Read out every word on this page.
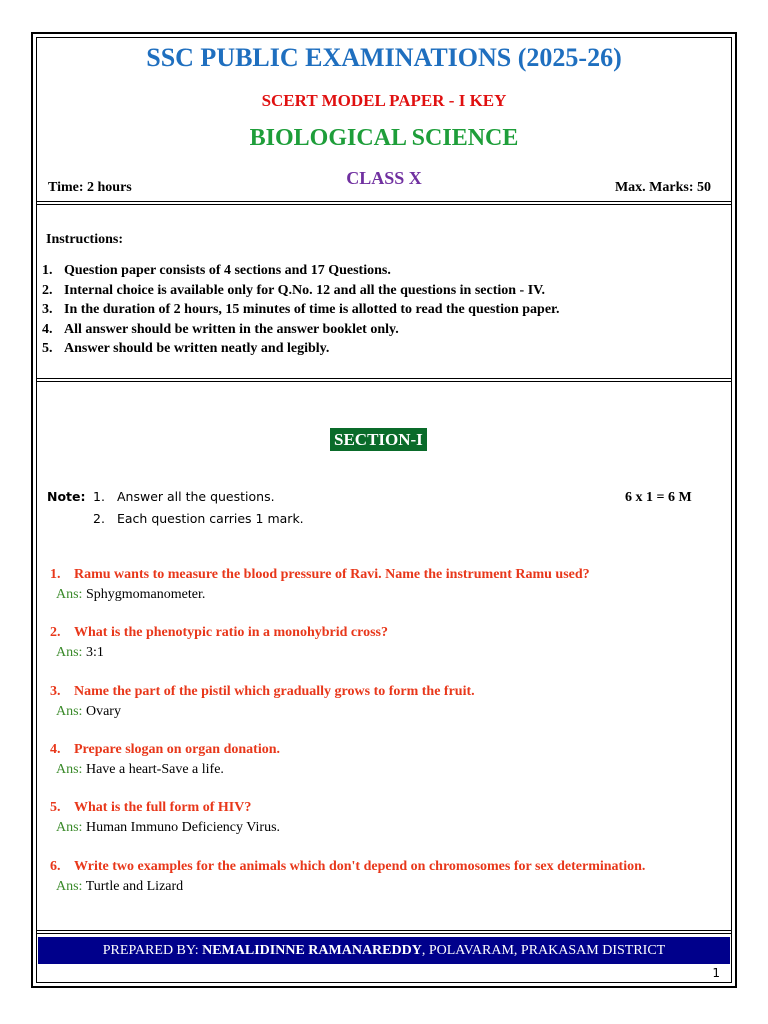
SSC PUBLIC EXAMINATIONS (2025-26)
SCERT MODEL PAPER - I KEY
BIOLOGICAL SCIENCE
CLASS X
Time: 2 hours	Max. Marks: 50
Instructions:
1. Question paper consists of 4 sections and 17 Questions.
2. Internal choice is available only for Q.No. 12 and all the questions in section - IV.
3. In the duration of 2 hours, 15 minutes of time is allotted to read the question paper.
4. All answer should be written in the answer booklet only.
5. Answer should be written neatly and legibly.
SECTION-I
Note: 1. Answer all the questions.
2. Each question carries 1 mark.
6 x 1 = 6 M
1. Ramu wants to measure the blood pressure of Ravi. Name the instrument Ramu used?
Ans: Sphygmomanometer.
2. What is the phenotypic ratio in a monohybrid cross?
Ans: 3:1
3. Name the part of the pistil which gradually grows to form the fruit.
Ans: Ovary
4. Prepare slogan on organ donation.
Ans: Have a heart-Save a life.
5. What is the full form of HIV?
Ans: Human Immuno Deficiency Virus.
6. Write two examples for the animals which don't depend on chromosomes for sex determination.
Ans: Turtle and Lizard
PREPARED BY: NEMALIDINNE RAMANAREDDY, POLAVARAM, PRAKASAM DISTRICT
1
